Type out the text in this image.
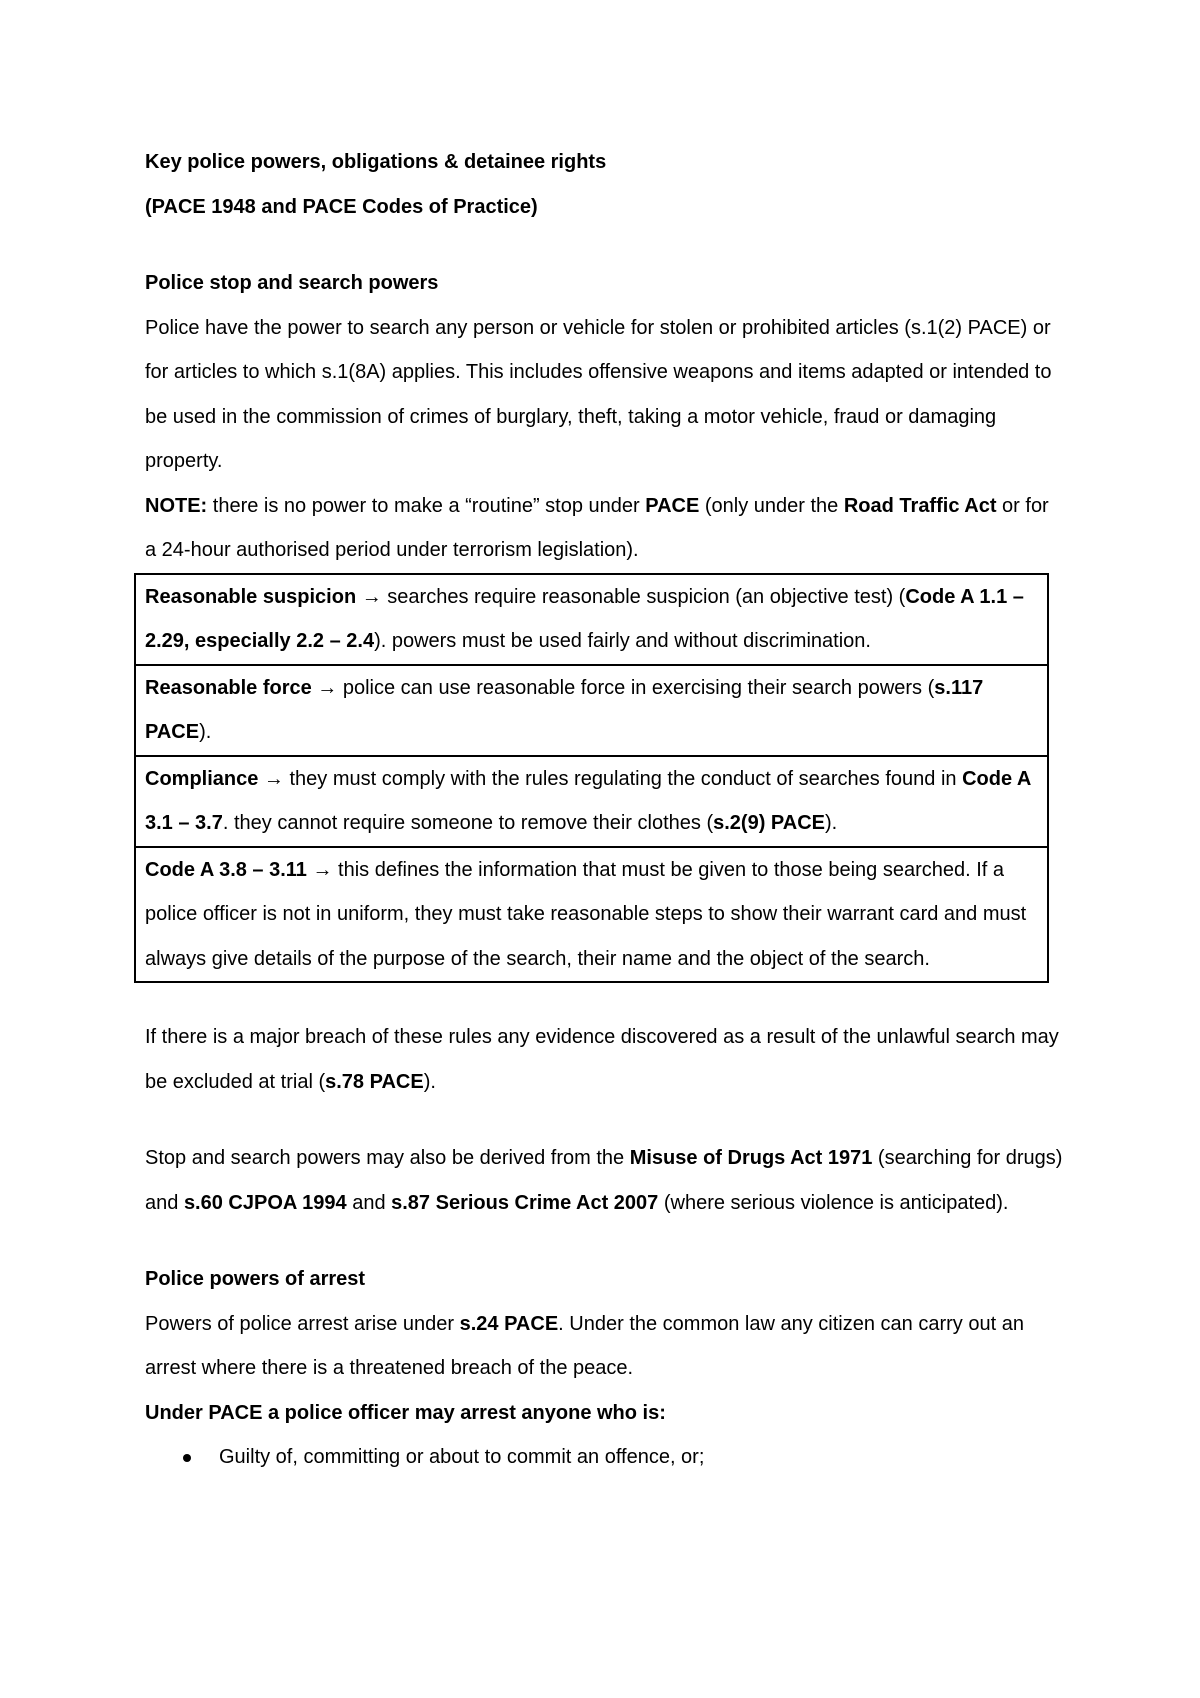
Key police powers, obligations & detainee rights

(PACE 1948 and PACE Codes of Practice)

Police stop and search powers

Police have the power to search any person or vehicle for stolen or prohibited articles (s.1(2) PACE) or for articles to which s.1(8A) applies. This includes offensive weapons and items adapted or intended to be used in the commission of crimes of burglary, theft, taking a motor vehicle, fraud or damaging property.

NOTE: there is no power to make a “routine” stop under PACE (only under the Road Traffic Act or for a 24-hour authorised period under terrorism legislation).

Reasonable suspicion → searches require reasonable suspicion (an objective test) (Code A 1.1 – 2.29, especially 2.2 – 2.4). powers must be used fairly and without discrimination.
Reasonable force → police can use reasonable force in exercising their search powers (s.117 PACE).
Compliance → they must comply with the rules regulating the conduct of searches found in Code A 3.1 – 3.7. they cannot require someone to remove their clothes (s.2(9) PACE).
Code A 3.8 – 3.11 → this defines the information that must be given to those being searched. If a police officer is not in uniform, they must take reasonable steps to show their warrant card and must always give details of the purpose of the search, their name and the object of the search.

If there is a major breach of these rules any evidence discovered as a result of the unlawful search may be excluded at trial (s.78 PACE).

Stop and search powers may also be derived from the Misuse of Drugs Act 1971 (searching for drugs) and s.60 CJPOA 1994 and s.87 Serious Crime Act 2007 (where serious violence is anticipated).

Police powers of arrest

Powers of police arrest arise under s.24 PACE. Under the common law any citizen can carry out an arrest where there is a threatened breach of the peace.

Under PACE a police officer may arrest anyone who is:

Guilty of, committing or about to commit an offence, or;
